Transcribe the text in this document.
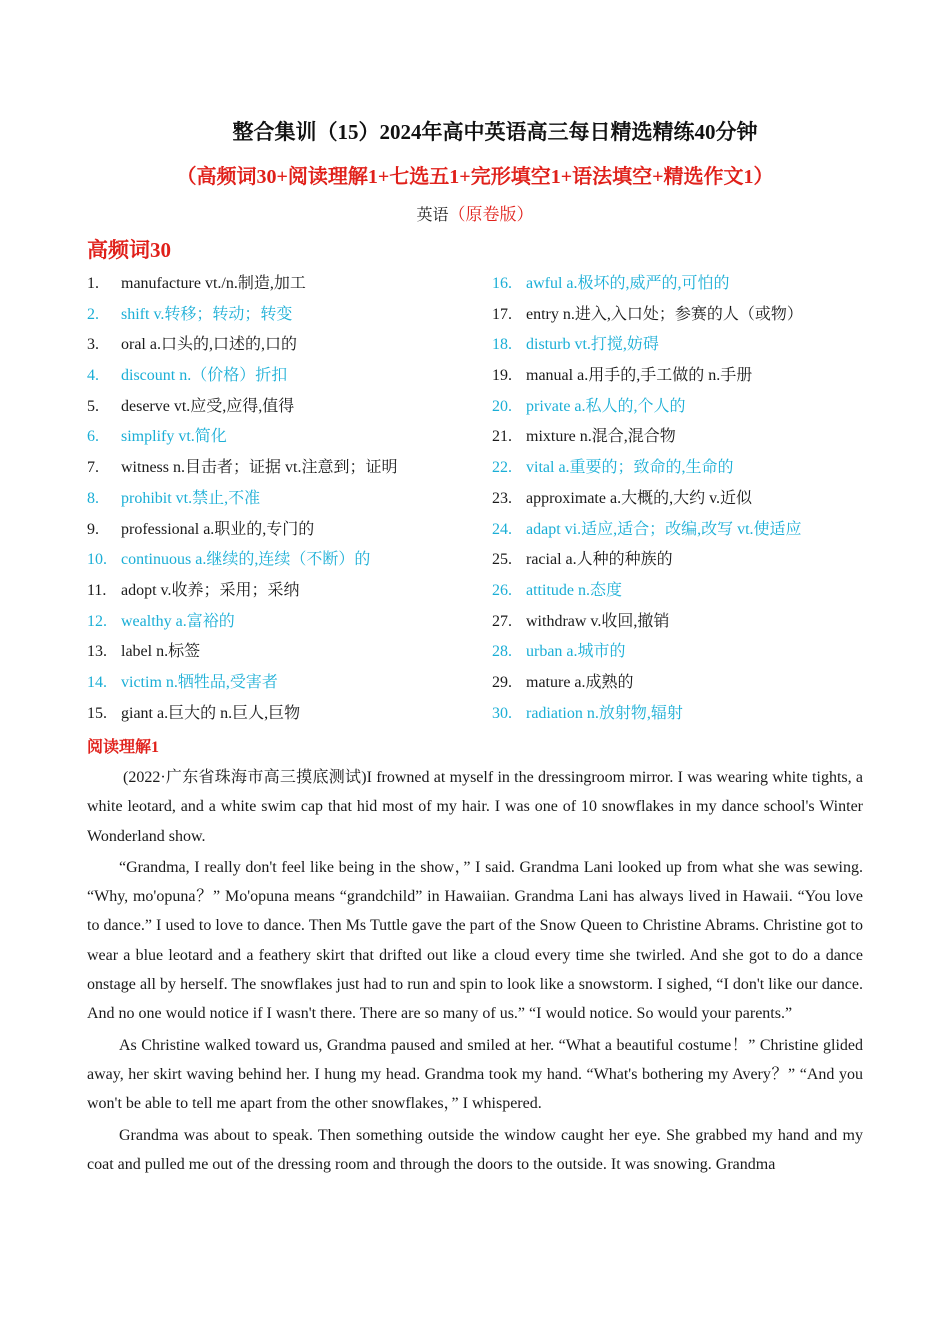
整合集训（15）2024年高中英语高三每日精选精练40分钟
（高频词30+阅读理解1+七选五1+完形填空1+语法填空+精选作文1）
英语（原卷版）
高频词30
1. manufacture vt./n.制造,加工
2. shift v.转移；转动；转变
3. oral a.口头的,口述的,口的
4. discount n.（价格）折扣
5. deserve vt.应受,应得,值得
6. simplify vt.简化
7. witness n.目击者；证据 vt.注意到；证明
8. prohibit vt.禁止,不准
9. professional a.职业的,专门的
10. continuous a.继续的,连续（不断）的
11. adopt v.收养；采用；采纳
12. wealthy a.富裕的
13. label n.标签
14. victim n.牺牲品,受害者
15. giant a.巨大的 n.巨人,巨物
16. awful a.极坏的,威严的,可怕的
17. entry n.进入,入口处；参赛的人（或物）
18. disturb vt.打搅,妨碍
19. manual a.用手的,手工做的 n.手册
20. private a.私人的,个人的
21. mixture n.混合,混合物
22. vital a.重要的；致命的,生命的
23. approximate a.大概的,大约 v.近似
24. adapt vi.适应,适合；改编,改写 vt.使适应
25. racial a.人种的种族的
26. attitude n.态度
27. withdraw v.收回,撤销
28. urban a.城市的
29. mature a.成熟的
30. radiation n.放射物,辐射
阅读理解1

(2022·广东省珠海市高三摸底测试)I frowned at myself in the dressingroom mirror. I was wearing white tights, a white leotard, and a white swim cap that hid most of my hair. I was one of 10 snowflakes in my dance school's Winter Wonderland show.

“Grandma, I really don't feel like being in the show，” I said. Grandma Lani looked up from what she was sewing. “Why, mo'opuna？” Mo'opuna means “grandchild” in Hawaiian. Grandma Lani has always lived in Hawaii. “You love to dance.” I used to love to dance. Then Ms Tuttle gave the part of the Snow Queen to Christine Abrams. Christine got to wear a blue leotard and a feathery skirt that drifted out like a cloud every time she twirled. And she got to do a dance onstage all by herself. The snowflakes just had to run and spin to look like a snowstorm. I sighed, “I don't like our dance. And no one would notice if I wasn't there. There are so many of us.” “I would notice. So would your parents.”

As Christine walked toward us, Grandma paused and smiled at her. “What a beautiful costume！” Christine glided away, her skirt waving behind her. I hung my head. Grandma took my hand. “What's bothering my Avery？” “And you won't be able to tell me apart from the other snowflakes，” I whispered.

Grandma was about to speak. Then something outside the window caught her eye. She grabbed my hand and my coat and pulled me out of the dressing room and through the doors to the outside. It was snowing. Grandma
